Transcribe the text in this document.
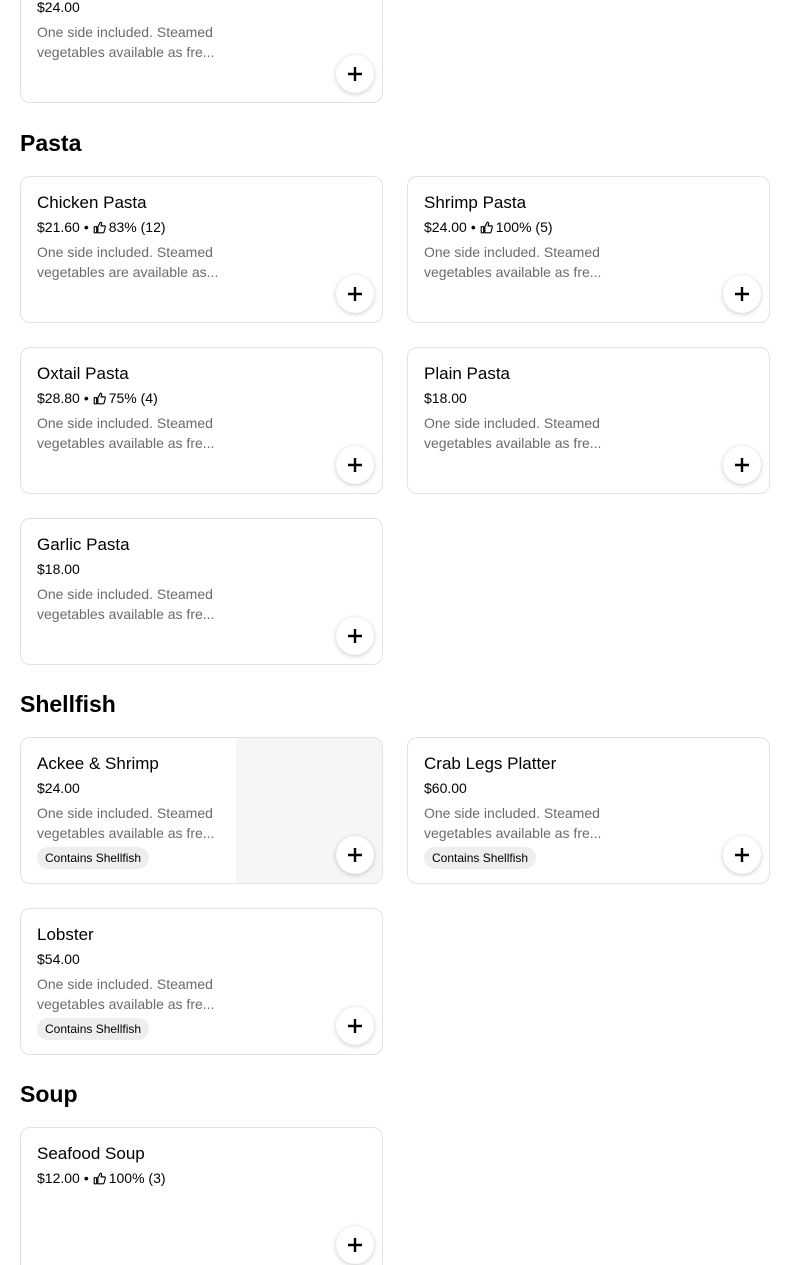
$24.00
One side included. Steamed
vegetables available as fre...
Pasta
Chicken Pasta
$21.60 • 83% (12)
One side included. Steamed
vegetables are available as...
Shrimp Pasta
$24.00 • 100% (5)
One side included. Steamed
vegetables available as fre...
Oxtail Pasta
$28.80 • 75% (4)
One side included. Steamed
vegetables available as fre...
Plain Pasta
$18.00
One side included. Steamed
vegetables available as fre...
Garlic Pasta
$18.00
One side included. Steamed
vegetables available as fre...
Shellfish
Ackee & Shrimp
$24.00
One side included. Steamed
vegetables available as fre...
Contains Shellfish
Crab Legs Platter
$60.00
One side included. Steamed
vegetables available as fre...
Contains Shellfish
Lobster
$54.00
One side included. Steamed
vegetables available as fre...
Contains Shellfish
Soup
Seafood Soup
$12.00 • 100% (3)
